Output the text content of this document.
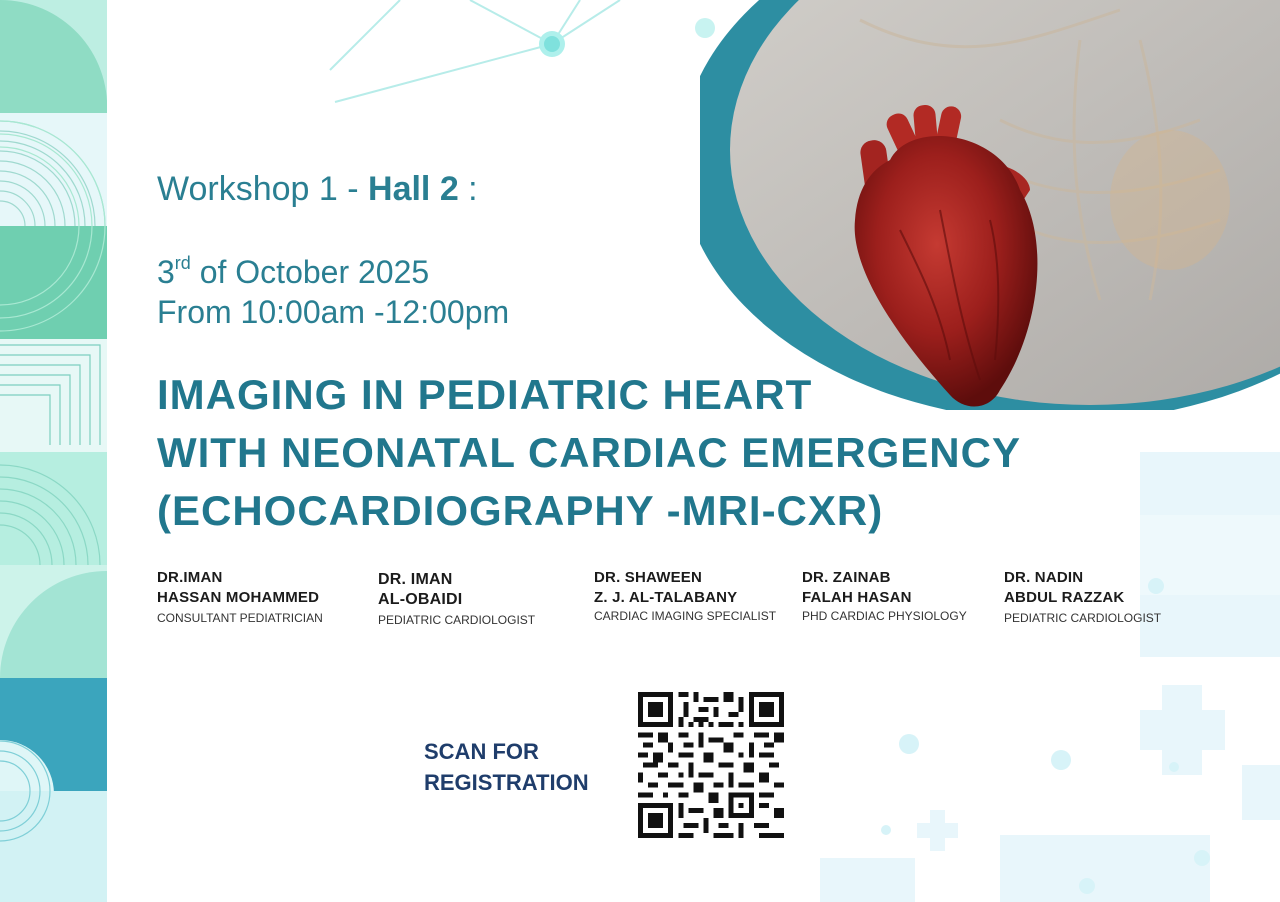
Workshop 1 - Hall 2 :
3rd of October 2025
From 10:00am -12:00pm
IMAGING IN PEDIATRIC HEART
WITH NEONATAL CARDIAC EMERGENCY
(ECHOCARDIOGRAPHY -MRI-CXR)
DR.IMAN
HASSAN MOHAMMED
CONSULTANT PEDIATRICIAN
DR. IMAN
AL-OBAIDI
PEDIATRIC CARDIOLOGIST
DR. SHAWEEN
Z. J. AL-TALABANY
CARDIAC IMAGING SPECIALIST
DR. ZAINAB
FALAH HASAN
PHD CARDIAC PHYSIOLOGY
DR. NADIN
ABDUL RAZZAK
PEDIATRIC CARDIOLOGIST
SCAN FOR
REGISTRATION
